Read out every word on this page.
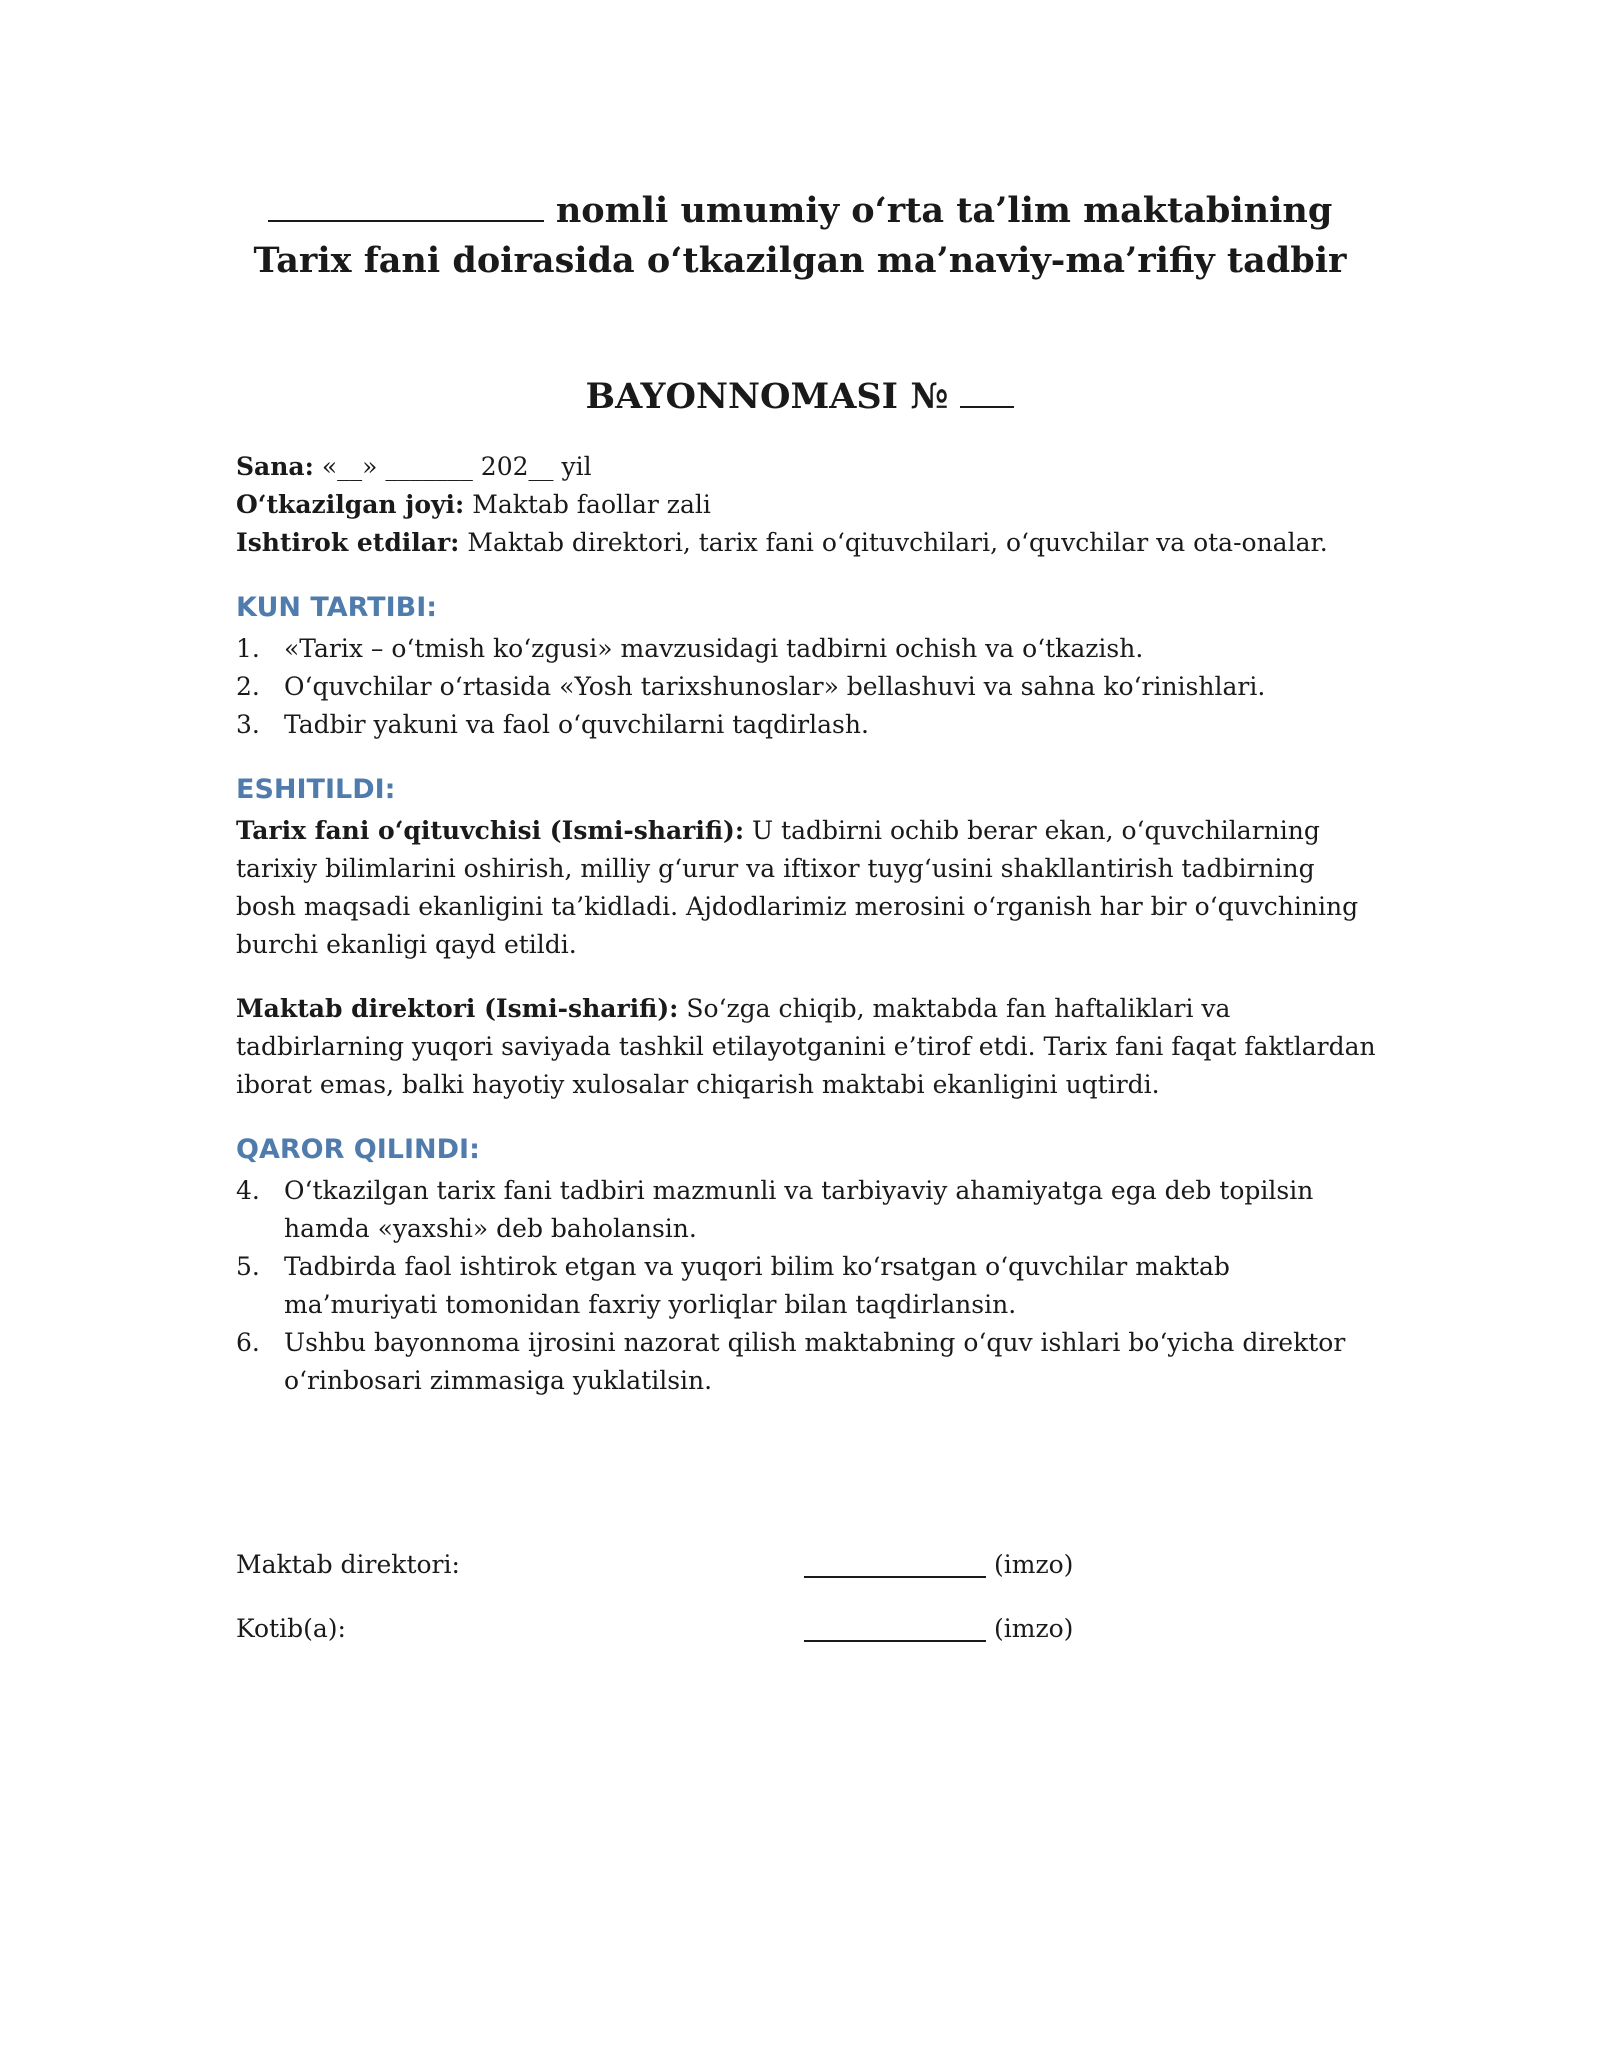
nomli umumiy o‘rta ta’lim maktabining
Tarix fani doirasida o‘tkazilgan ma’naviy-ma’rifiy tadbir
BAYONNOMASI №

Sana: «__» _______ 202__ yil

O‘tkazilgan joyi: Maktab faollar zali

Ishtirok etdilar: Maktab direktori, tarix fani o‘qituvchilari, o‘quvchilar va ota-onalar.

KUN TARTIBI:
1. «Tarix – o‘tmish ko‘zgusi» mavzusidagi tadbirni ochish va o‘tkazish.
2. O‘quvchilar o‘rtasida «Yosh tarixshunoslar» bellashuvi va sahna ko‘rinishlari.
3. Tadbir yakuni va faol o‘quvchilarni taqdirlash.
ESHITILDI:

Tarix fani o‘qituvchisi (Ismi-sharifi): U tadbirni ochib berar ekan, o‘quvchilarning tarixiy bilimlarini oshirish, milliy g‘urur va iftixor tuyg‘usini shakllantirish tadbirning bosh maqsadi ekanligini ta’kidladi. Ajdodlarimiz merosini o‘rganish har bir o‘quvchining burchi ekanligi qayd etildi.

Maktab direktori (Ismi-sharifi): So‘zga chiqib, maktabda fan haftaliklari va tadbirlarning yuqori saviyada tashkil etilayotganini e’tirof etdi. Tarix fani faqat faktlardan iborat emas, balki hayotiy xulosalar chiqarish maktabi ekanligini uqtirdi.

QAROR QILINDI:
4. O‘tkazilgan tarix fani tadbiri mazmunli va tarbiyaviy ahamiyatga ega deb topilsin hamda «yaxshi» deb baholansin.
5. Tadbirda faol ishtirok etgan va yuqori bilim ko‘rsatgan o‘quvchilar maktab ma’muriyati tomonidan faxriy yorliqlar bilan taqdirlansin.
6. Ushbu bayonnoma ijrosini nazorat qilish maktabning o‘quv ishlari bo‘yicha direktor o‘rinbosari zimmasiga yuklatilsin.
Maktab direktori:	(imzo)
Kotib(a):	(imzo)
